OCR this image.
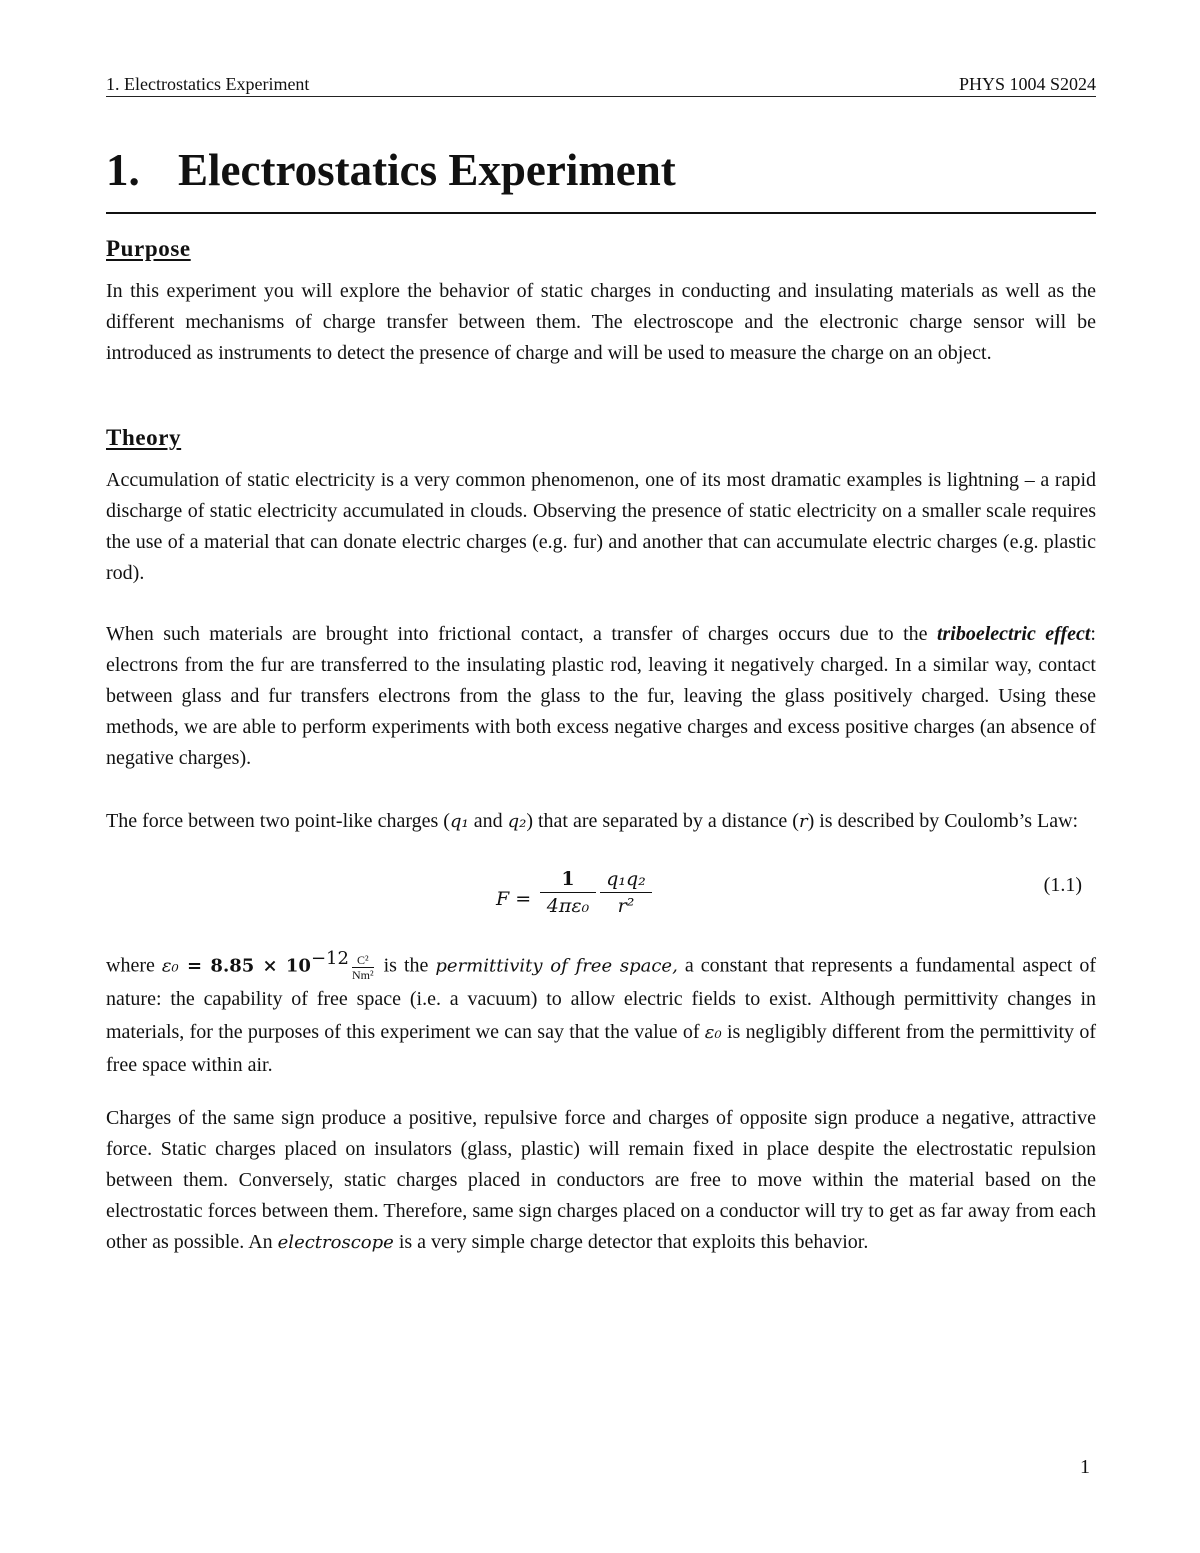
1. Electrostatics Experiment	PHYS 1004 S2024
1. Electrostatics Experiment
Purpose

In this experiment you will explore the behavior of static charges in conducting and insulating materials as well as the different mechanisms of charge transfer between them. The electroscope and the electronic charge sensor will be introduced as instruments to detect the presence of charge and will be used to measure the charge on an object.

Theory

Accumulation of static electricity is a very common phenomenon, one of its most dramatic examples is lightning – a rapid discharge of static electricity accumulated in clouds. Observing the presence of static electricity on a smaller scale requires the use of a material that can donate electric charges (e.g. fur) and another that can accumulate electric charges (e.g. plastic rod).

When such materials are brought into frictional contact, a transfer of charges occurs due to the triboelectric effect: electrons from the fur are transferred to the insulating plastic rod, leaving it negatively charged. In a similar way, contact between glass and fur transfers electrons from the glass to the fur, leaving the glass positively charged. Using these methods, we are able to perform experiments with both excess negative charges and excess positive charges (an absence of negative charges).

The force between two point-like charges (q₁ and q₂) that are separated by a distance (r) is described by Coulomb’s Law:

F =
1
4πε₀
q₁q₂
r²
(1.1)

where $\varepsilon_0 = 8.85 \times 10^{-12} \frac{\text{C²}}{\text{Nm²}}$ is the permittivity of free space, a constant that represents a fundamental aspect of nature: the capability of free space (i.e. a vacuum) to allow electric fields to exist. Although permittivity changes in materials, for the purposes of this experiment we can say that the value of ε₀ is negligibly different from the permittivity of free space within air.

Charges of the same sign produce a positive, repulsive force and charges of opposite sign produce a negative, attractive force. Static charges placed on insulators (glass, plastic) will remain fixed in place despite the electrostatic repulsion between them. Conversely, static charges placed in conductors are free to move within the material based on the electrostatic forces between them. Therefore, same sign charges placed on a conductor will try to get as far away from each other as possible. An electroscope is a very simple charge detector that exploits this behavior.

1
